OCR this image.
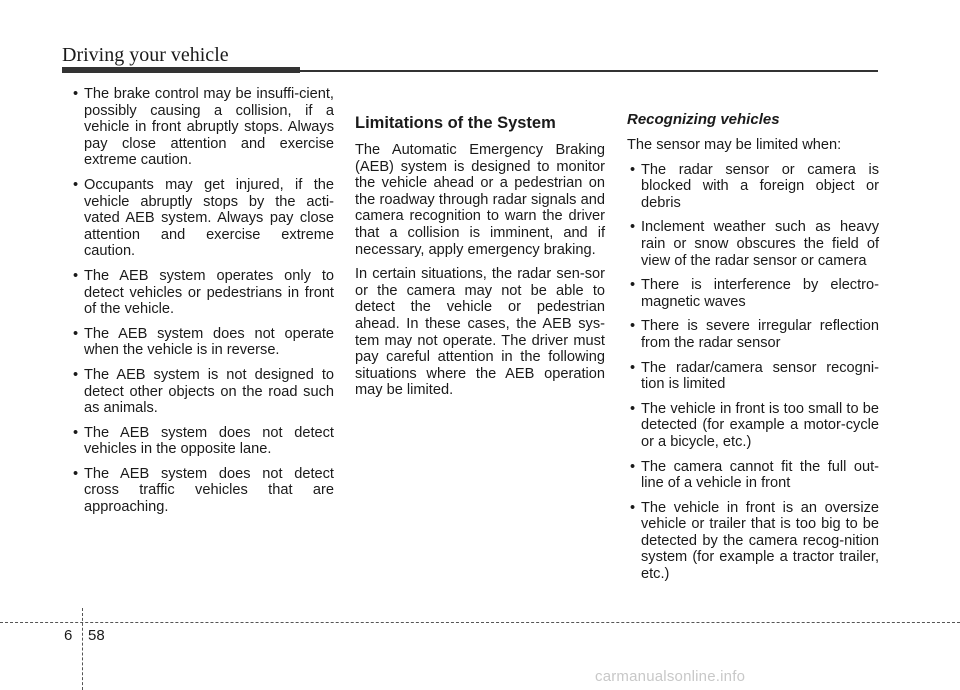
Driving your vehicle
• The brake control may be insuffi-cient, possibly causing a collision, if a vehicle in front abruptly stops. Always pay close attention and exercise extreme caution.
• Occupants may get injured, if the vehicle abruptly stops by the acti-vated AEB system. Always pay close attention and exercise extreme caution.
• The AEB system operates only to detect vehicles or pedestrians in front of the vehicle.
• The AEB system does not operate when the vehicle is in reverse.
• The AEB system is not designed to detect other objects on the road such as animals.
• The AEB system does not detect vehicles in the opposite lane.
• The AEB system does not detect cross traffic vehicles that are approaching.
Limitations of the System

The Automatic Emergency Braking (AEB) system is designed to monitor the vehicle ahead or a pedestrian on the roadway through radar signals and camera recognition to warn the driver that a collision is imminent, and if necessary, apply emergency braking.

In certain situations, the radar sen-sor or the camera may not be able to detect the vehicle or pedestrian ahead. In these cases, the AEB sys-tem may not operate. The driver must pay careful attention in the following situations where the AEB operation may be limited.

Recognizing vehicles

The sensor may be limited when:

• The radar sensor or camera is blocked with a foreign object or debris
• Inclement weather such as heavy rain or snow obscures the field of view of the radar sensor or camera
• There is interference by electro-magnetic waves
• There is severe irregular reflection from the radar sensor
• The radar/camera sensor recogni-tion is limited
• The vehicle in front is too small to be detected (for example a motor-cycle or a bicycle, etc.)
• The camera cannot fit the full out-line of a vehicle in front
• The vehicle in front is an oversize vehicle or trailer that is too big to be detected by the camera recog-nition system (for example a tractor trailer, etc.)
6 58
carmanualsonline.info
